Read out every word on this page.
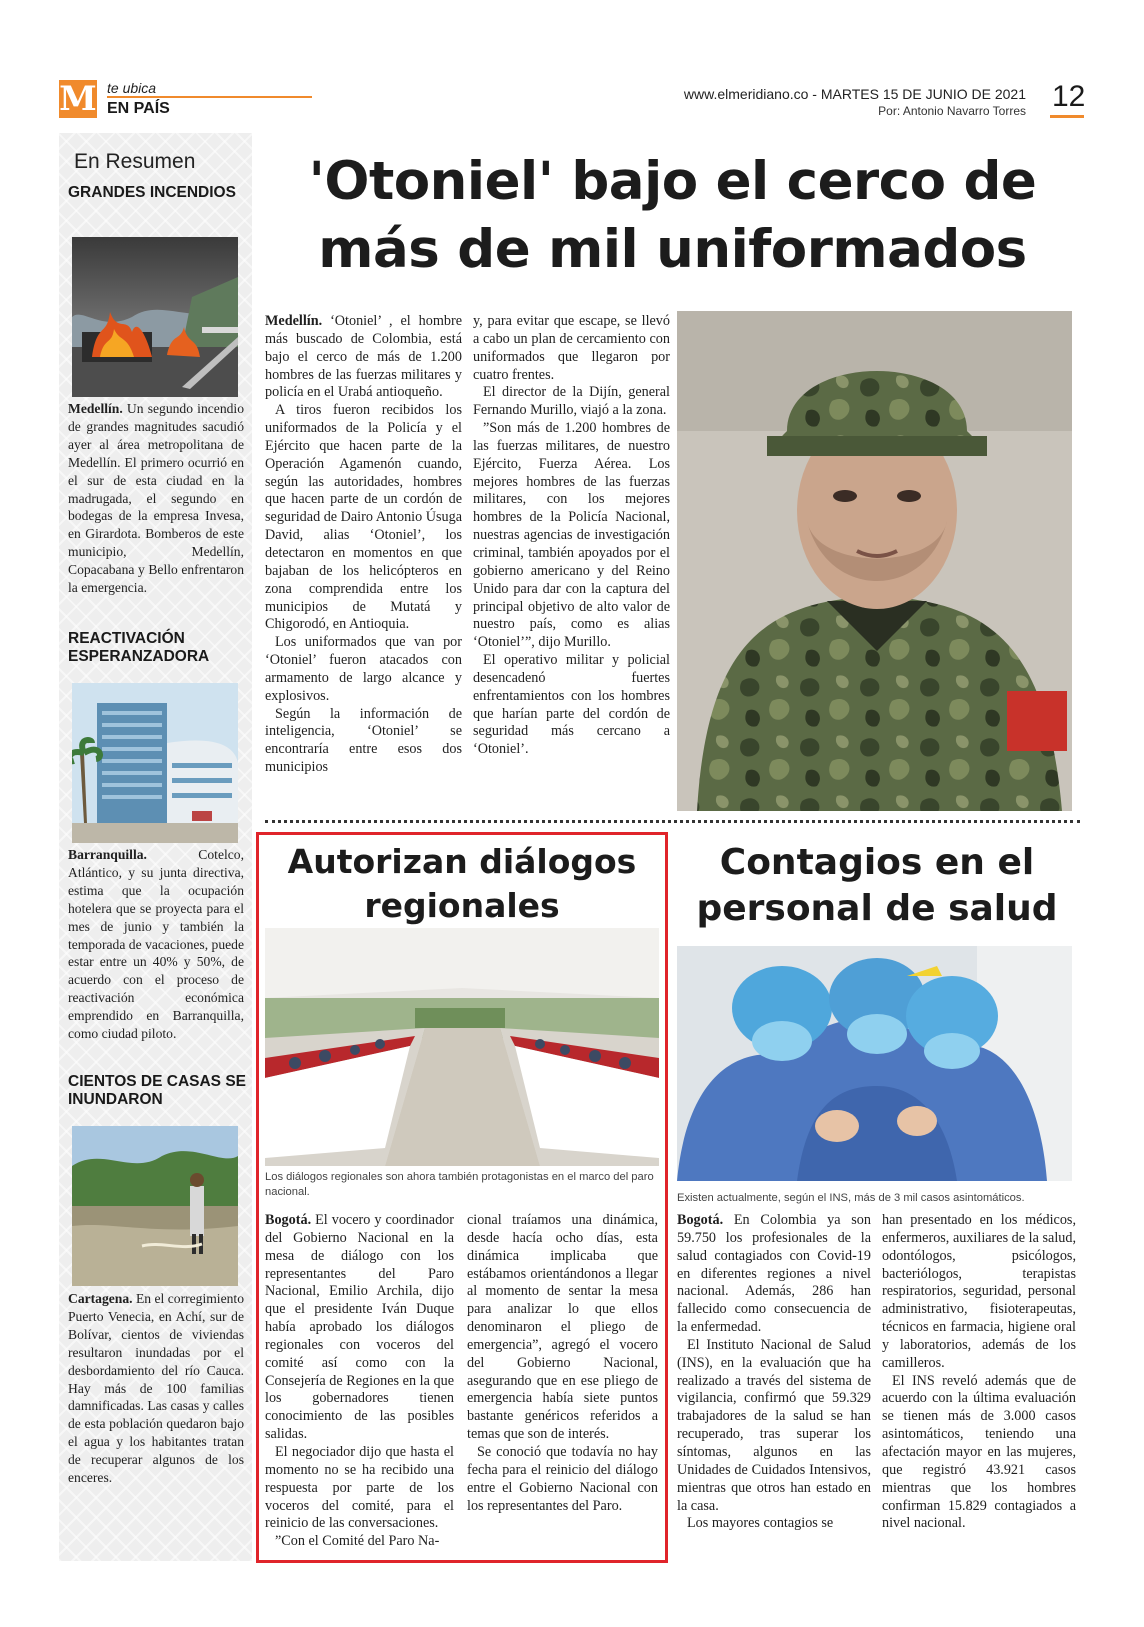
M te ubica
EN PAÍS
www.elmeridiano.co - MARTES 15 DE JUNIO DE 2021
Por: Antonio Navarro Torres 12
En Resumen
GRANDES INCENDIOS
Medellín. Un segundo incendio de grandes magnitudes sacudió ayer al área metropolitana de Medellín. El primero ocurrió en el sur de esta ciudad en la madrugada, el segundo en bodegas de la empresa Invesa, en Girardota. Bomberos de este municipio, Medellín, Copacabana y Bello enfrentaron la emergencia.
REACTIVACIÓN ESPERANZADORA
Barranquilla. Cotelco, Atlántico, y su junta directiva, estima que la ocupación hotelera que se proyecta para el mes de junio y también la temporada de vacaciones, puede estar entre un 40% y 50%, de acuerdo con el proceso de reactivación económica emprendido en Barranquilla, como ciudad piloto.
CIENTOS DE CASAS SE INUNDARON
Cartagena. En el corregimiento Puerto Venecia, en Achí, sur de Bolívar, cientos de viviendas resultaron inundadas por el desbordamiento del río Cauca. Hay más de 100 familias damnificadas. Las casas y calles de esta población quedaron bajo el agua y los habitantes tratan de recuperar algunos de los enceres.
'Otoniel' bajo el cerco de más de mil uniformados

Medellín. ‘Otoniel’ , el hombre más buscado de Colombia, está bajo el cerco de más de 1.200 hombres de las fuerzas militares y policía en el Urabá antioqueño.

A tiros fueron recibidos los uniformados de la Policía y el Ejército que hacen parte de la Operación Agamenón cuando, según las autoridades, hombres que hacen parte de un cordón de seguridad de Dairo Antonio Úsuga David, alias ‘Otoniel’, los detectaron en momentos en que bajaban de los helicópteros en zona comprendida entre los municipios de Mutatá y Chigorodó, en Antioquia.

Los uniformados que van por ‘Otoniel’ fueron atacados con armamento de largo alcance y explosivos.

Según la información de inteligencia, ‘Otoniel’ se encontraría entre esos dos municipios

y, para evitar que escape, se llevó a cabo un plan de cercamiento con uniformados que llegaron por cuatro frentes.

El director de la Dijín, general Fernando Murillo, viajó a la zona.

”Son más de 1.200 hombres de las fuerzas militares, de nuestro Ejército, Fuerza Aérea. Los mejores hombres de las fuerzas militares, con los mejores hombres de la Policía Nacional, nuestras agencias de investigación criminal, también apoyados por el gobierno americano y del Reino Unido para dar con la captura del principal objetivo de alto valor de nuestro país, como es alias ‘Otoniel’”, dijo Murillo.

El operativo militar y policial desencadenó fuertes enfrentamientos con los hombres que harían parte del cordón de seguridad más cercano a ‘Otoniel’.

Autorizan diálogos regionales
Los diálogos regionales son ahora también protagonistas en el marco del paro nacional.

Bogotá. El vocero y coordinador del Gobierno Nacional en la mesa de diálogo con los representantes del Paro Nacional, Emilio Archila, dijo que el presidente Iván Duque había aprobado los diálogos regionales con voceros del comité así como con la Consejería de Regiones en la que los gobernadores tienen conocimiento de las posibles salidas.

El negociador dijo que hasta el momento no se ha recibido una respuesta por parte de los voceros del comité, para el reinicio de las conversaciones.

”Con el Comité del Paro Na-

cional traíamos una dinámica, desde hacía ocho días, esta dinámica implicaba que estábamos orientándonos a llegar al momento de sentar la mesa para analizar lo que ellos denominaron el pliego de emergencia”, agregó el vocero del Gobierno Nacional, asegurando que en ese pliego de emergencia había siete puntos bastante genéricos referidos a temas que son de interés.

Se conoció que todavía no hay fecha para el reinicio del diálogo entre el Gobierno Nacional con los representantes del Paro.

Contagios en el personal de salud
Existen actualmente, según el INS, más de 3 mil casos asintomáticos.

Bogotá. En Colombia ya son 59.750 los profesionales de la salud contagiados con Covid-19 en diferentes regiones a nivel nacional. Además, 286 han fallecido como consecuencia de la enfermedad.

El Instituto Nacional de Salud (INS), en la evaluación que ha realizado a través del sistema de vigilancia, confirmó que 59.329 trabajadores de la salud se han recuperado, tras superar los síntomas, algunos en las Unidades de Cuidados Intensivos, mientras que otros han estado en la casa.

Los mayores contagios se

han presentado en los médicos, enfermeros, auxiliares de la salud, odontólogos, psicólogos, bacteriólogos, terapistas respiratorios, seguridad, personal administrativo, fisioterapeutas, técnicos en farmacia, higiene oral y laboratorios, además de los camilleros.

El INS reveló además que de acuerdo con la última evaluación se tienen más de 3.000 casos asintomáticos, teniendo una afectación mayor en las mujeres, que registró 43.921 casos mientras que los hombres confirman 15.829 contagiados a nivel nacional.
